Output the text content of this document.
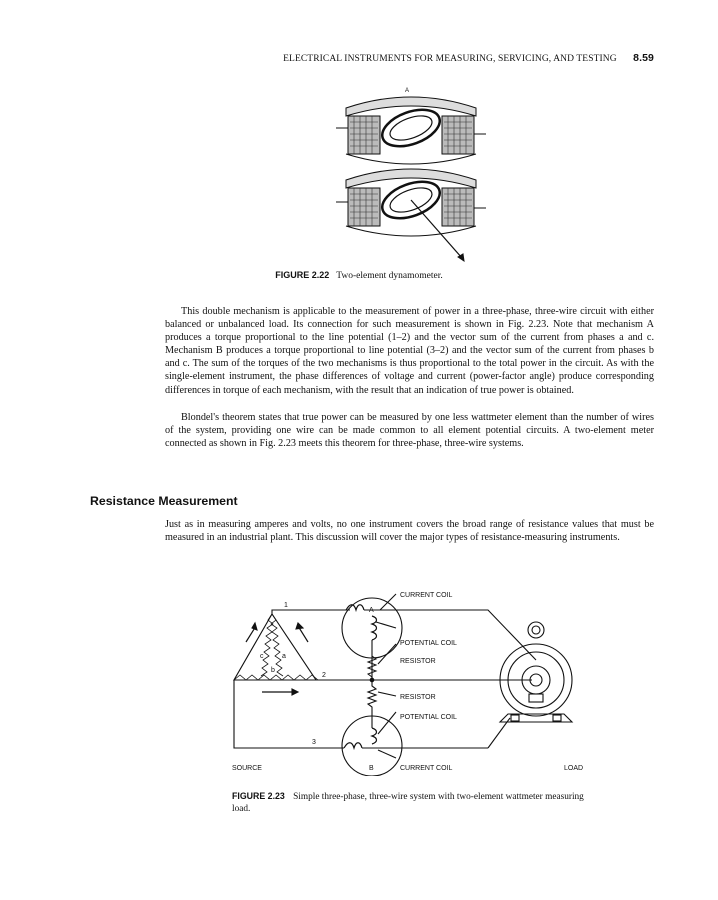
ELECTRICAL INSTRUMENTS FOR MEASURING, SERVICING, AND TESTING 8.59
A
FIGURE 2.22 Two-element dynamometer.

This double mechanism is applicable to the measurement of power in a three-phase, three-wire circuit with either balanced or unbalanced load. Its connection for such measurement is shown in Fig. 2.23. Note that mechanism A produces a torque proportional to the line potential (1–2) and the vector sum of the current from phases a and c. Mechanism B produces a torque proportional to line potential (3–2) and the vector sum of the current from phases b and c. The sum of the torques of the two mechanisms is thus proportional to the total power in the circuit. As with the single-element instrument, the phase differences of voltage and current (power-factor angle) produce corresponding differences in torque of each mechanism, with the result that an indication of true power is obtained.

Blondel's theorem states that true power can be measured by one less wattmeter element than the number of wires of the system, providing one wire can be made common to all element potential circuits. A two-element meter connected as shown in Fig. 2.23 meets this theorem for three-phase, three-wire systems.

Resistance Measurement

Just as in measuring amperes and volts, no one instrument covers the broad range of resistance values that must be measured in an industrial plant. This discussion will cover the major types of resistance-measuring instruments.

A
B
CURRENT COIL
POTENTIAL COIL
RESISTOR
RESISTOR
POTENTIAL COIL
CURRENT COIL
SOURCE	LOAD
1
2
3
c	a
b

FIGURE 2.23 Simple three-phase, three-wire system with two-element wattmeter measuring load.
